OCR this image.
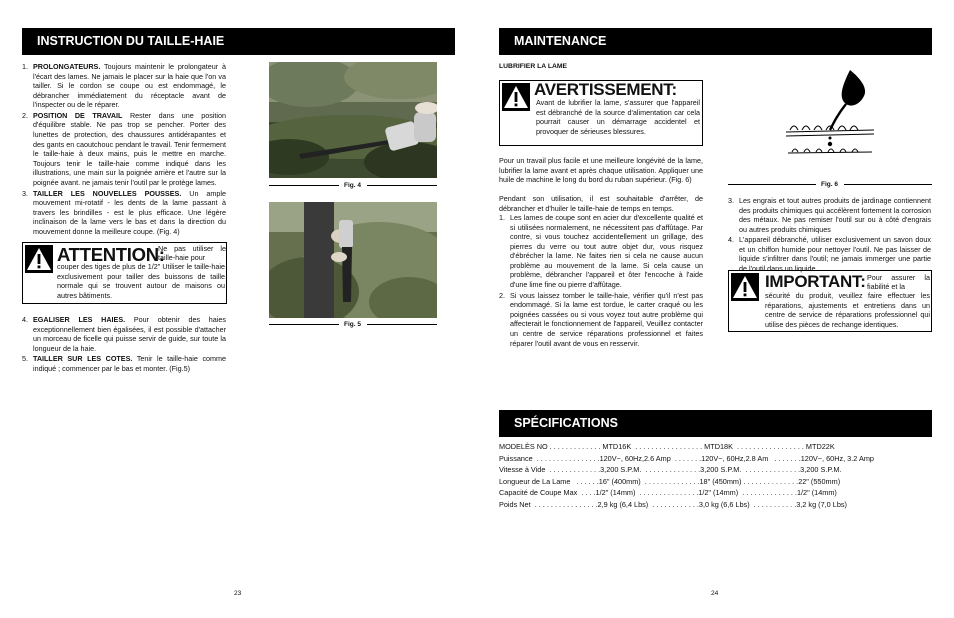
INSTRUCTION DU TAILLE-HAIE
1. PROLONGATEURS. Toujours maintenir le prolongateur à l'écart des lames. Ne jamais le placer sur la haie que l'on va tailler. Si le cordon se coupe ou est endommagé, le débrancher immédiatement du réceptacle avant de l'inspecter ou de le réparer.
2. POSITION DE TRAVAIL Rester dans une position d'équilibre stable. Ne pas trop se pencher. Porter des lunettes de protection, des chaussures antidérapantes et des gants en caoutchouc pendant le travail. Tenir fermement le taille-haie à deux mains, puis le mettre en marche. Toujours tenir le taille-haie comme indiqué dans les illustrations, une main sur la poignée arrière et l'autre sur la poignée avant. ne jamais tenir l'outil par le protège lames.
3. TAILLER LES NOUVELLES POUSSES. Un ample mouvement mi-rotatif - les dents de la lame passant à travers les brindilles - est le plus efficace. Une légère inclinaison de la lame vers le bas et dans la direction du mouvement donne la meilleure coupe. (Fig. 4)
ATTENTION:
Ne pas utiliser le taille-haie pour
couper des tiges de plus de 1/2" Utiliser le taille-haie exclusivement pour tailler des buissons de taille normale qui se trouvent autour de maisons ou autres bâtiments.
4. EGALISER LES HAIES. Pour obtenir des haies exceptionnellement bien égalisées, il est possible d'attacher un morceau de ficelle qui puisse servir de guide, sur toute la longueur de la haie.
5. TAILLER SUR LES COTES. Tenir le taille-haie comme indiqué ; commencer par le bas et monter. (Fig.5)
Fig. 4
Fig. 5
23
MAINTENANCE
LUBRIFIER LA LAME
AVERTISSEMENT:
Avant de lubrifier la lame, s'assurer que l'appareil est débranché de la source d'alimentation car cela pourrait causer un démarrage accidentel et provoquer de sérieuses blessures.
Pour un travail plus facile et une meilleure longévité de la lame, lubrifier la lame avant et après chaque utilisation. Appliquer une huile de machine le long du bord du ruban supérieur. (Fig. 6)
Pendant son utilisation, il est souhaitable d'arrêter, de débrancher et d'huiler le taille-haie de temps en temps.
1. Les lames de coupe sont en acier dur d'excellente qualité et si utilisées normalement, ne nécessitent pas d'affûtage. Par contre, si vous touchez accidentellement un grillage, des pierres du verre ou tout autre objet dur, vous risquez d'ébrécher la lame. Ne faites rien si cela ne cause aucun problème au mouvement de la lame. Si cela cause un problème, débrancher l'appareil et ôter l'encoche à l'aide d'une lime fine ou pierre d'affûtage.
2. Si vous laissez tomber le taille-haie, vérifier qu'il n'est pas endommagé. Si la lame est tordue, le carter craqué ou les poignées cassées ou si vous voyez tout autre problème qui affecterait le fonctionnement de l'appareil, Veuillez contacter un centre de service réparations professionnel et faites réparer l'outil avant de vous en resservir.
Fig. 6
3. Les engrais et tout autres produits de jardinage contiennent des produits chimiques qui accélèrent fortement la corrosion des métaux. Ne pas remiser l'outil sur ou à côté d'engrais ou autres produits chimiques
4. L'appareil débranché, utiliser exclusivement un savon doux et un chiffon humide pour nettoyer l'outil. Ne pas laisser de liquide s'infiltrer dans l'outil; ne jamais immerger une partie de l'outil dans un liquide.
IMPORTANT: Pour assurer la fiabilité et la
sécurité du produit, veuillez faire effectuer les réparations, ajustements et entretiens dans un centre de service de réparations professionnel qui utilise des pièces de rechange identiques.
SPÉCIFICATIONS
MODELÈS NO . . . . . . . . . . . . . MTD16K  . . . . . . . . . . . . . . . . . MTD18K  . . . . . . . . . . . . . . . . . MTD22K
Puissance  . . . . . . . . . . . . . . . .120V~, 60Hz,2.6 Amp  . . . . . . .120V~, 60Hz,2.8 Am   . . . . . . .120V~, 60Hz, 3.2 Amp
Vitesse à Vide  . . . . . . . . . . . . .3,200 S.P.M.  . . . . . . . . . . . . . .3,200 S.P.M.  . . . . . . . . . . . . . .3,200 S.P.M.
Longueur de La Lame   . . . . . .16" (400mm)  . . . . . . . . . . . . . .18" (450mm) . . . . . . . . . . . . . .22" (550mm)
Capacité de Coupe Max  . . . .1/2" (14mm)  . . . . . . . . . . . . . . .1/2" (14mm)  . . . . . . . . . . . . . .1/2" (14mm)
Poids Net  . . . . . . . . . . . . . . . .2,9 kg (6,4 Lbs)  . . . . . . . . . . . .3,0 kg (6,6 Lbs)  . . . . . . . . . . .3,2 kg (7,0 Lbs)
24
